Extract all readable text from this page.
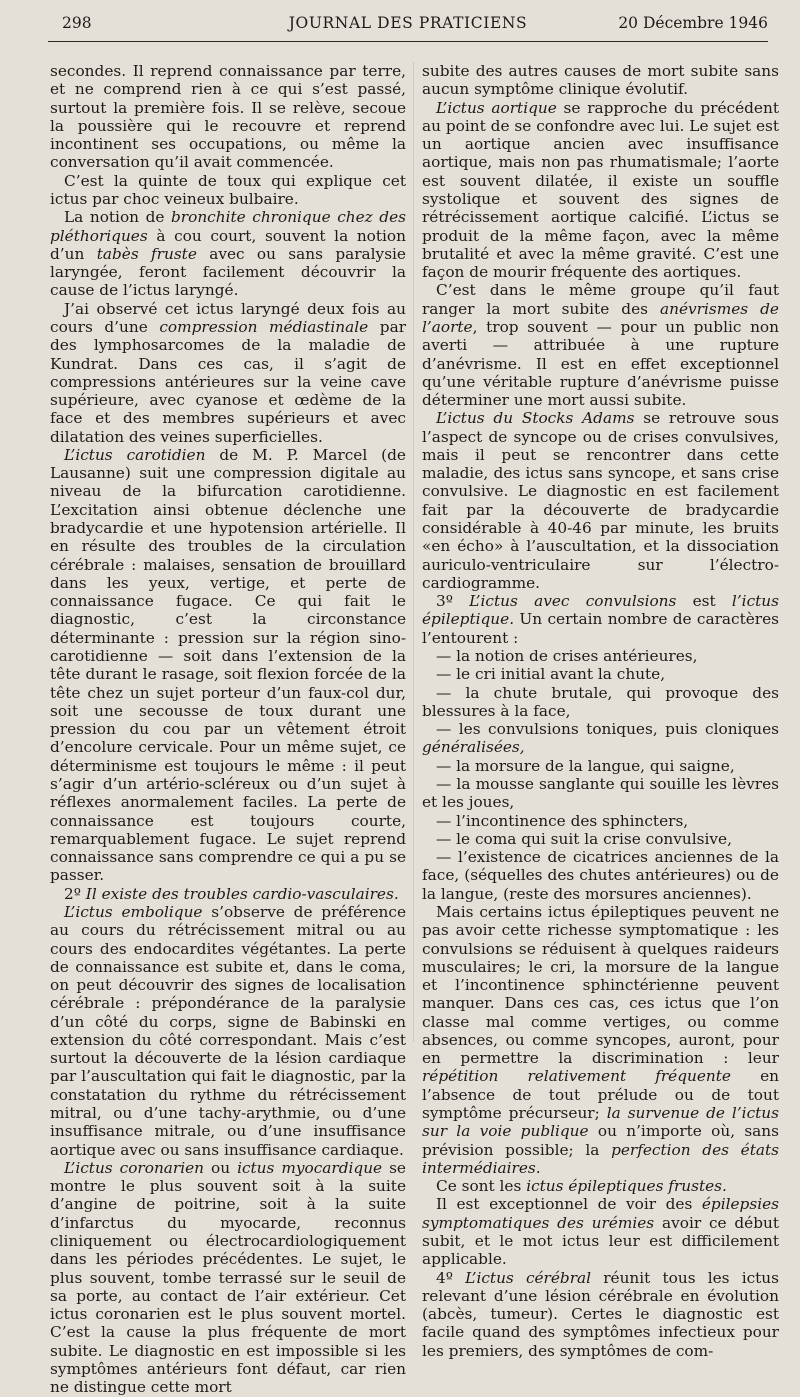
298	JOURNAL DES PRATICIENS	20 Décembre 1946

secondes. Il reprend connaissance par terre, et ne comprend rien à ce qui s’est passé, surtout la première fois. Il se relève, secoue la poussière qui le recouvre et reprend incontinent ses occupations, ou même la conversation qu’il avait commencée.

C’est la quinte de toux qui explique cet ictus par choc veineux bulbaire.

La notion de bronchite chronique chez des pléthoriques à cou court, souvent la notion d’un tabès fruste avec ou sans paralysie laryngée, feront facilement découvrir la cause de l’ictus laryngé.

J’ai observé cet ictus laryngé deux fois au cours d’une compression médiastinale par des lymphosarcomes de la maladie de Kundrat. Dans ces cas, il s’agit de compressions antérieures sur la veine cave supérieure, avec cyanose et œdème de la face et des membres supérieurs et avec dilatation des veines superficielles.

L’ictus carotidien de M. P. Marcel (de Lausanne) suit une compression digitale au niveau de la bifurcation carotidienne. L’excitation ainsi obtenue déclenche une bradycardie et une hypotension artérielle. Il en résulte des troubles de la circulation cérébrale : malaises, sensation de brouillard dans les yeux, vertige, et perte de connaissance fugace. Ce qui fait le diagnostic, c’est la circonstance déterminante : pression sur la région sino-carotidienne — soit dans l’extension de la tête durant le rasage, soit flexion forcée de la tête chez un sujet porteur d’un faux-col dur, soit une secousse de toux durant une pression du cou par un vêtement étroit d’encolure cervicale. Pour un même sujet, ce déterminisme est toujours le même : il peut s’agir d’un artério-scléreux ou d’un sujet à réflexes anormalement faciles. La perte de connaissance est toujours courte, remarquablement fugace. Le sujet reprend connaissance sans comprendre ce qui a pu se passer.

2º Il existe des troubles cardio-vasculaires.

L’ictus embolique s’observe de préférence au cours du rétrécissement mitral ou au cours des endocardites végétantes. La perte de connaissance est subite et, dans le coma, on peut découvrir des signes de localisation cérébrale : prépondérance de la paralysie d’un côté du corps, signe de Babinski en extension du côté correspondant. Mais c’est surtout la découverte de la lésion cardiaque par l’auscultation qui fait le diagnostic, par la constatation du rythme du rétrécissement mitral, ou d’une tachy-arythmie, ou d’une insuffisance mitrale, ou d’une insuffisance aortique avec ou sans insuffisance cardiaque.

L’ictus coronarien ou ictus myocardique se montre le plus souvent soit à la suite d’angine de poitrine, soit à la suite d’infarctus du myocarde, reconnus cliniquement ou électrocardiologiquement dans les périodes précédentes. Le sujet, le plus souvent, tombe terrassé sur le seuil de sa porte, au contact de l’air extérieur. Cet ictus coronarien est le plus souvent mortel. C’est la cause la plus fréquente de mort subite. Le diagnostic en est impossible si les symptômes antérieurs font défaut, car rien ne distingue cette mort

subite des autres causes de mort subite sans aucun symptôme clinique évolutif.

L’ictus aortique se rapproche du précédent au point de se confondre avec lui. Le sujet est un aortique ancien avec insuffisance aortique, mais non pas rhumatismale; l’aorte est souvent dilatée, il existe un souffle systolique et souvent des signes de rétrécissement aortique calcifié. L’ictus se produit de la même façon, avec la même brutalité et avec la même gravité. C’est une façon de mourir fréquente des aortiques.

C’est dans le même groupe qu’il faut ranger la mort subite des anévrismes de l’aorte, trop souvent — pour un public non averti — attribuée à une rupture d’anévrisme. Il est en effet exceptionnel qu’une véritable rupture d’anévrisme puisse déterminer une mort aussi subite.

L’ictus du Stocks Adams se retrouve sous l’aspect de syncope ou de crises convulsives, mais il peut se rencontrer dans cette maladie, des ictus sans syncope, et sans crise convulsive. Le diagnostic en est facilement fait par la découverte de bradycardie considérable à 40-46 par minute, les bruits «en écho» à l’auscultation, et la dissociation auriculo-ventriculaire sur l’électro-cardiogramme.

3º L’ictus avec convulsions est l’ictus épileptique. Un certain nombre de caractères l’entourent :

— la notion de crises antérieures,

— le cri initial avant la chute,

— la chute brutale, qui provoque des blessures à la face,

— les convulsions toniques, puis cloniques généralisées,

— la morsure de la langue, qui saigne,

— la mousse sanglante qui souille les lèvres et les joues,

— l’incontinence des sphincters,

— le coma qui suit la crise convulsive,

— l’existence de cicatrices anciennes de la face, (séquelles des chutes antérieures) ou de la langue, (reste des morsures anciennes).

Mais certains ictus épileptiques peuvent ne pas avoir cette richesse symptomatique : les convulsions se réduisent à quelques raideurs musculaires; le cri, la morsure de la langue et l’incontinence sphinctérienne peuvent manquer. Dans ces cas, ces ictus que l’on classe mal comme vertiges, ou comme absences, ou comme syncopes, auront, pour en permettre la discrimination : leur répétition relativement fréquente en l’absence de tout prélude ou de tout symptôme précurseur; la survenue de l’ictus sur la voie publique ou n’importe où, sans prévision possible; la perfection des états intermédiaires.

Ce sont les ictus épileptiques frustes.

Il est exceptionnel de voir des épilepsies symptomatiques des urémies avoir ce début subit, et le mot ictus leur est difficilement applicable.

4º L’ictus cérébral réunit tous les ictus relevant d’une lésion cérébrale en évolution (abcès, tumeur). Certes le diagnostic est facile quand des symptômes infectieux pour les premiers, des symptômes de com-
